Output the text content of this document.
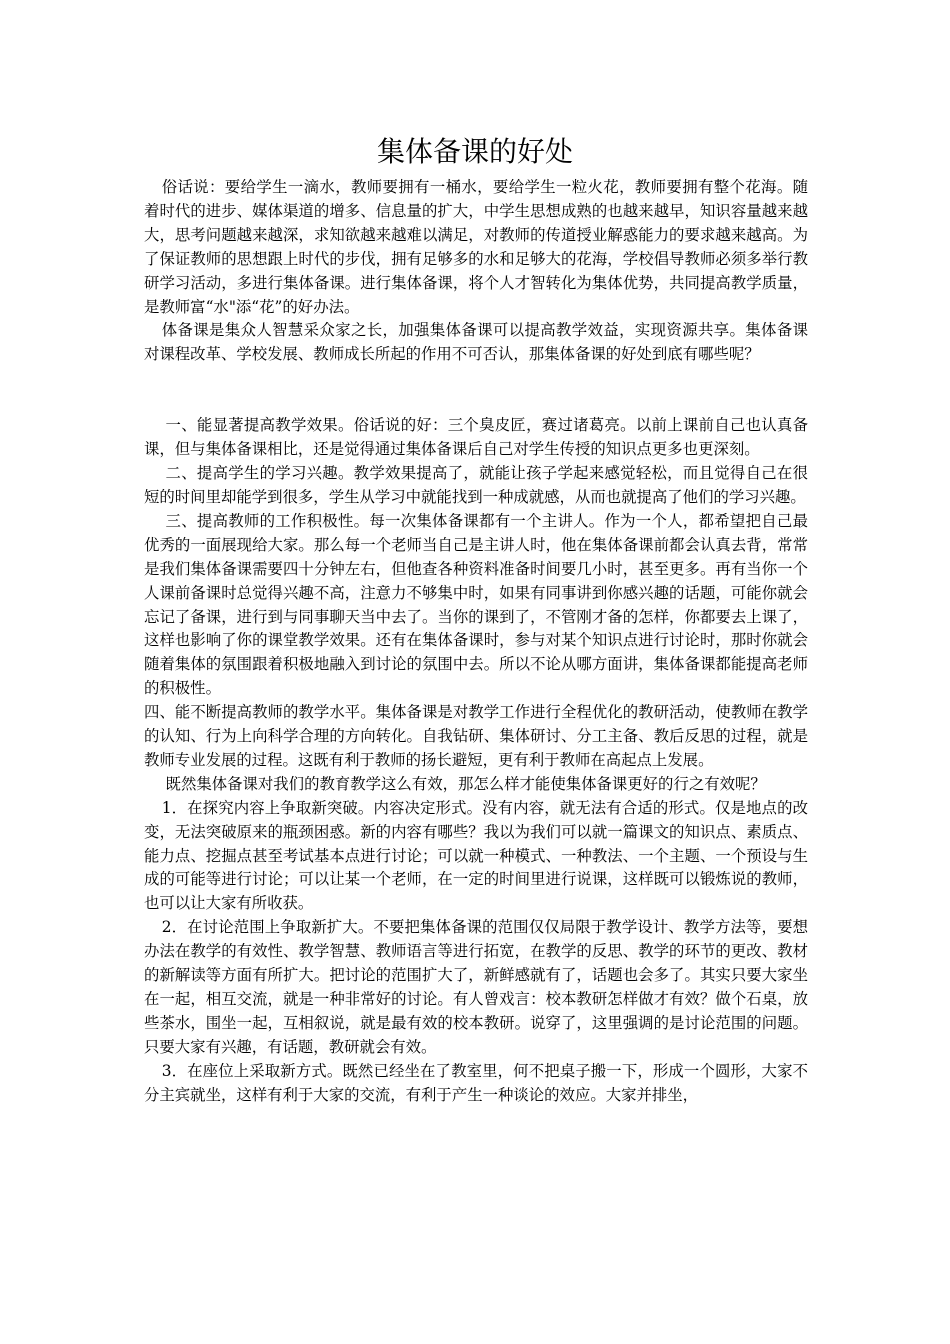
集体备课的好处

俗话说：要给学生一滴水，教师要拥有一桶水，要给学生一粒火花，教师要拥有整个花海。随着时代的进步、媒体渠道的增多、信息量的扩大，中学生思想成熟的也越来越早，知识容量越来越大，思考问题越来越深，求知欲越来越难以满足，对教师的传道授业解惑能力的要求越来越高。为了保证教师的思想跟上时代的步伐，拥有足够多的水和足够大的花海，学校倡导教师必须多举行教研学习活动，多进行集体备课。进行集体备课，将个人才智转化为集体优势，共同提高教学质量，是教师富“水"添“花”的好办法。

体备课是集众人智慧采众家之长，加强集体备课可以提高教学效益，实现资源共享。集体备课对课程改革、学校发展、教师成长所起的作用不可否认，那集体备课的好处到底有哪些呢？

一、能显著提高教学效果。俗话说的好：三个臭皮匠，赛过诸葛亮。以前上课前自己也认真备课，但与集体备课相比，还是觉得通过集体备课后自己对学生传授的知识点更多也更深刻。

二、提高学生的学习兴趣。教学效果提高了，就能让孩子学起来感觉轻松，而且觉得自己在很短的时间里却能学到很多，学生从学习中就能找到一种成就感，从而也就提高了他们的学习兴趣。

三、提高教师的工作积极性。每一次集体备课都有一个主讲人。作为一个人，都希望把自己最优秀的一面展现给大家。那么每一个老师当自己是主讲人时，他在集体备课前都会认真去背，常常是我们集体备课需要四十分钟左右，但他查各种资料准备时间要几小时，甚至更多。再有当你一个人课前备课时总觉得兴趣不高，注意力不够集中时，如果有同事讲到你感兴趣的话题，可能你就会忘记了备课，进行到与同事聊天当中去了。当你的课到了，不管刚才备的怎样，你都要去上课了，这样也影响了你的课堂教学效果。还有在集体备课时，参与对某个知识点进行讨论时，那时你就会随着集体的氛围跟着积极地融入到讨论的氛围中去。所以不论从哪方面讲，集体备课都能提高老师的积极性。

四、能不断提高教师的教学水平。集体备课是对教学工作进行全程优化的教研活动，使教师在教学的认知、行为上向科学合理的方向转化。自我钻研、集体研讨、分工主备、教后反思的过程，就是教师专业发展的过程。这既有利于教师的扬长避短，更有利于教师在高起点上发展。

既然集体备课对我们的教育教学这么有效，那怎么样才能使集体备课更好的行之有效呢？

1．在探究内容上争取新突破。内容决定形式。没有内容，就无法有合适的形式。仅是地点的改变，无法突破原来的瓶颈困惑。新的内容有哪些？我以为我们可以就一篇课文的知识点、素质点、能力点、挖掘点甚至考试基本点进行讨论；可以就一种模式、一种教法、一个主题、一个预设与生成的可能等进行讨论；可以让某一个老师，在一定的时间里进行说课，这样既可以锻炼说的教师，也可以让大家有所收获。

2．在讨论范围上争取新扩大。不要把集体备课的范围仅仅局限于教学设计、教学方法等，要想办法在教学的有效性、教学智慧、教师语言等进行拓宽，在教学的反思、教学的环节的更改、教材的新解读等方面有所扩大。把讨论的范围扩大了，新鲜感就有了，话题也会多了。其实只要大家坐在一起，相互交流，就是一种非常好的讨论。有人曾戏言：校本教研怎样做才有效？做个石桌，放些茶水，围坐一起，互相叙说，就是最有效的校本教研。说穿了，这里强调的是讨论范围的问题。只要大家有兴趣，有话题，教研就会有效。

3．在座位上采取新方式。既然已经坐在了教室里，何不把桌子搬一下，形成一个圆形，大家不分主宾就坐，这样有利于大家的交流，有利于产生一种谈论的效应。大家并排坐，
